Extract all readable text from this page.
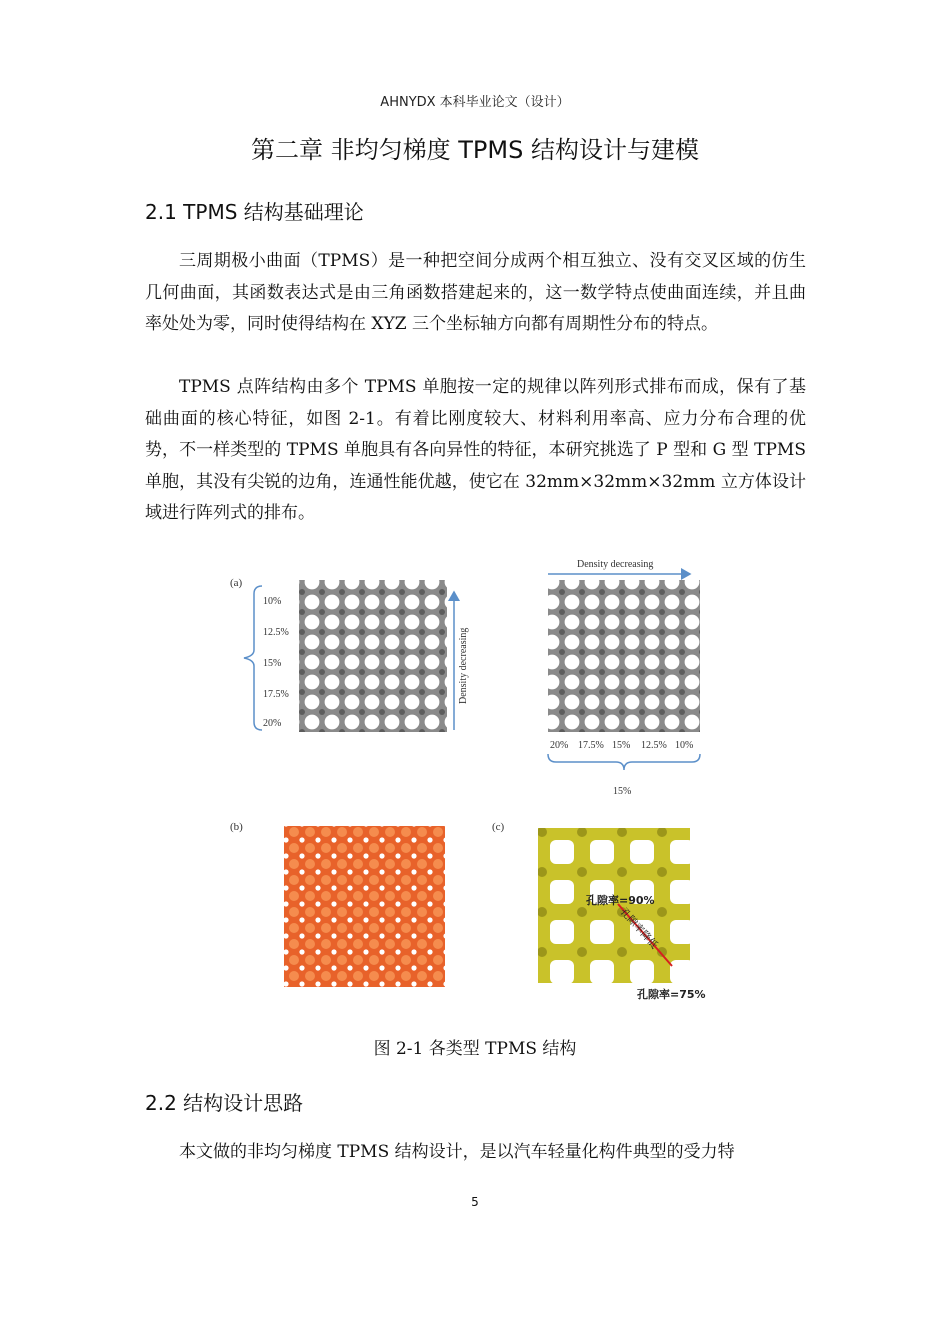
AHNYDX 本科毕业论文（设计）
第二章 非均匀梯度 TPMS 结构设计与建模
2.1 TPMS 结构基础理论

三周期极小曲面（TPMS）是一种把空间分成两个相互独立、没有交叉区域的仿生几何曲面，其函数表达式是由三角函数搭建起来的，这一数学特点使曲面连续，并且曲率处处为零，同时使得结构在 XYZ 三个坐标轴方向都有周期性分布的特点。

TPMS 点阵结构由多个 TPMS 单胞按一定的规律以阵列形式排布而成，保有了基础曲面的核心特征，如图 2-1。有着比刚度较大、材料利用率高、应力分布合理的优势，不一样类型的 TPMS 单胞具有各向异性的特征，本研究挑选了 P 型和 G 型 TPMS 单胞，其没有尖锐的边角，连通性能优越，使它在 32mm×32mm×32mm 立方体设计域进行阵列式的排布。

(a)
10%
12.5%
15%
17.5%
20%
Density decreasing
Density decreasing
20% 17.5% 15% 12.5% 10%
15%
(b)	(c)
孔隙率=90%
孔隙率降低
孔隙率=75%
图 2-1 各类型 TPMS 结构
2.2 结构设计思路

本文做的非均匀梯度 TPMS 结构设计，是以汽车轻量化构件典型的受力特

5
